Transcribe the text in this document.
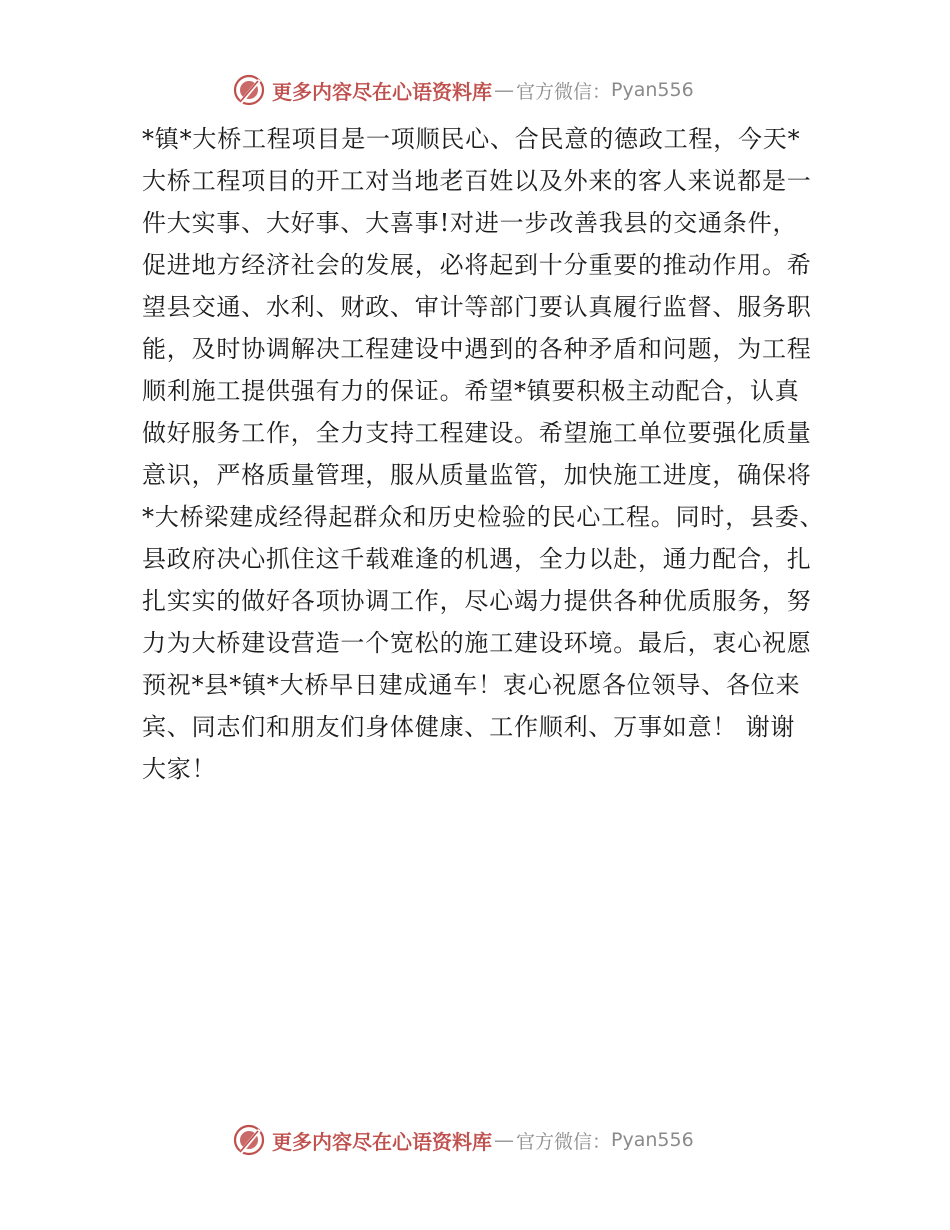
更多内容尽在心语资料库 — 官方微信： Pyan556
*镇*大桥工程项目是一项顺民心、合民意的德政工程，今天*
大桥工程项目的开工对当地老百姓以及外来的客人来说都是一
件大实事、大好事、大喜事!对进一步改善我县的交通条件，
促进地方经济社会的发展，必将起到十分重要的推动作用。希
望县交通、水利、财政、审计等部门要认真履行监督、服务职
能，及时协调解决工程建设中遇到的各种矛盾和问题，为工程
顺利施工提供强有力的保证。希望*镇要积极主动配合，认真
做好服务工作，全力支持工程建设。希望施工单位要强化质量
意识，严格质量管理，服从质量监管，加快施工进度，确保将
*大桥梁建成经得起群众和历史检验的民心工程。同时，县委、
县政府决心抓住这千载难逢的机遇，全力以赴，通力配合，扎
扎实实的做好各项协调工作，尽心竭力提供各种优质服务，努
力为大桥建设营造一个宽松的施工建设环境。最后，衷心祝愿
预祝*县*镇*大桥早日建成通车！衷心祝愿各位领导、各位来
宾、同志们和朋友们身体健康、工作顺利、万事如意！ 谢谢
大家！
更多内容尽在心语资料库 — 官方微信： Pyan556
